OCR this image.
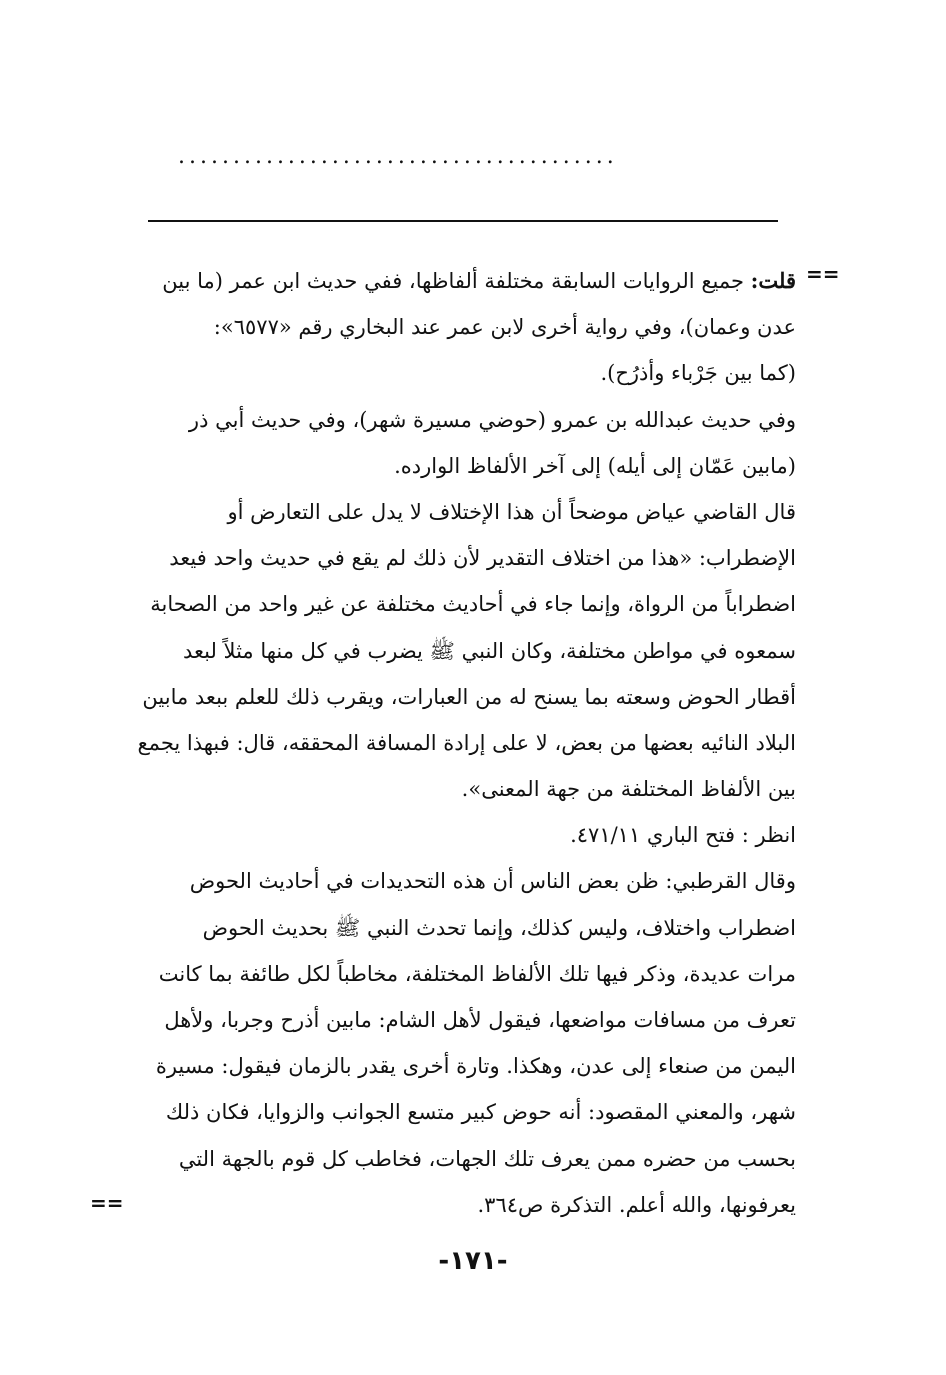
........................................
==
قلت: جميع الروايات السابقة مختلفة ألفاظها، ففي حديث ابن عمر (ما بين
عدن وعمان)، وفي رواية أخرى لابن عمر عند البخاري رقم «٦٥٧٧»:
(كما بين جَرْباء وأذرُح).
وفي حديث عبدالله بن عمرو (حوضي مسيرة شهر)، وفي حديث أبي ذر
(مابين عَمّان إلى أيله) إلى آخر الألفاظ الوارده.
قال القاضي عياض موضحاً أن هذا الإختلاف لا يدل على التعارض أو
الإضطراب: «هذا من اختلاف التقدير لأن ذلك لم يقع في حديث واحد فيعد
اضطراباً من الرواة، وإنما جاء في أحاديث مختلفة عن غير واحد من الصحابة
سمعوه في مواطن مختلفة، وكان النبي ﷺ يضرب في كل منها مثلاً لبعد
أقطار الحوض وسعته بما يسنح له من العبارات، ويقرب ذلك للعلم ببعد مابين
البلاد النائيه بعضها من بعض، لا على إرادة المسافة المحققه، قال: فبهذا يجمع
بين الألفاظ المختلفة من جهة المعنى».
انظر : فتح الباري ٤٧١/١١.
وقال القرطبي: ظن بعض الناس أن هذه التحديدات في أحاديث الحوض
اضطراب واختلاف، وليس كذلك، وإنما تحدث النبي ﷺ بحديث الحوض
مرات عديدة، وذكر فيها تلك الألفاظ المختلفة، مخاطباً لكل طائفة بما كانت
تعرف من مسافات مواضعها، فيقول لأهل الشام: مابين أذرح وجربا، ولأهل
اليمن من صنعاء إلى عدن، وهكذا. وتارة أخرى يقدر بالزمان فيقول: مسيرة
شهر، والمعني المقصود: أنه حوض كبير متسع الجوانب والزوايا، فكان ذلك
بحسب من حضره ممن يعرف تلك الجهات، فخاطب كل قوم بالجهة التي
يعرفونها، والله أعلم. التذكرة ص٣٦٤.
==
-١٧١-
